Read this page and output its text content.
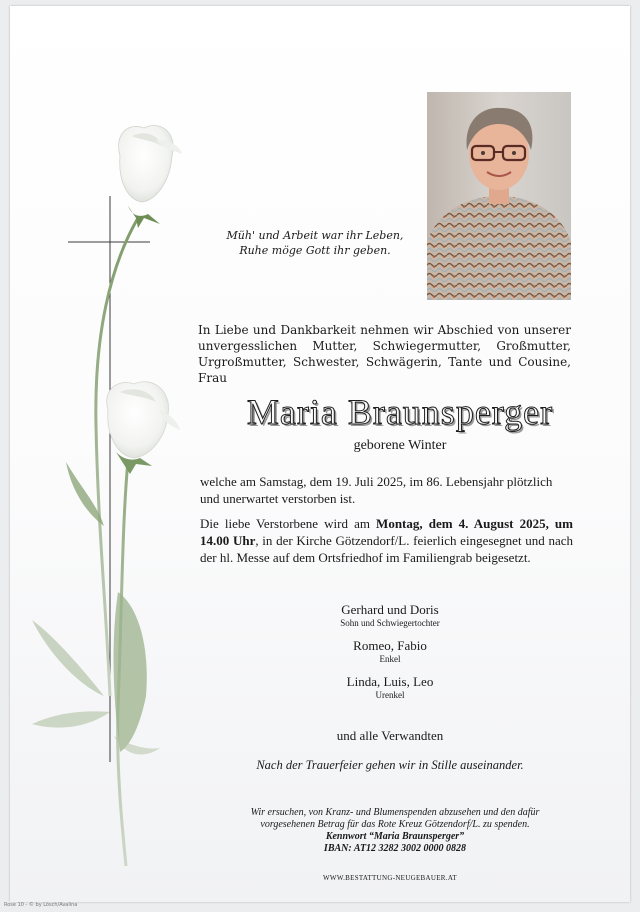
Müh' und Arbeit war ihr Leben,
Ruhe möge Gott ihr geben.
In Liebe und Dankbarkeit nehmen wir Abschied von unserer unvergesslichen Mutter, Schwiegermutter, Großmutter, Urgroßmutter, Schwester, Schwägerin, Tante und Cousine, Frau
Maria Braunsperger
geborene Winter
welche am Samstag, dem 19. Juli 2025, im 86. Lebensjahr plötzlich und unerwartet verstorben ist.
Die liebe Verstorbene wird am Montag, dem 4. August 2025, um 14.00 Uhr, in der Kirche Götzendorf/L. feierlich eingesegnet und nach der hl. Messe auf dem Ortsfriedhof im Familiengrab beigesetzt.
Gerhard und Doris
Sohn und Schwiegertochter
Romeo, Fabio
Enkel
Linda, Luis, Leo
Urenkel
und alle Verwandten
Nach der Trauerfeier gehen wir in Stille auseinander.
Wir ersuchen, von Kranz- und Blumenspenden abzusehen und den dafür
vorgesehenen Betrag für das Rote Kreuz Götzendorf/L. zu spenden.
Kennwort “Maria Braunsperger”
IBAN: AT12 3282 3002 0000 0828
WWW.BESTATTUNG-NEUGEBAUER.AT
Rose 10 - © by Lösch/Avalina
